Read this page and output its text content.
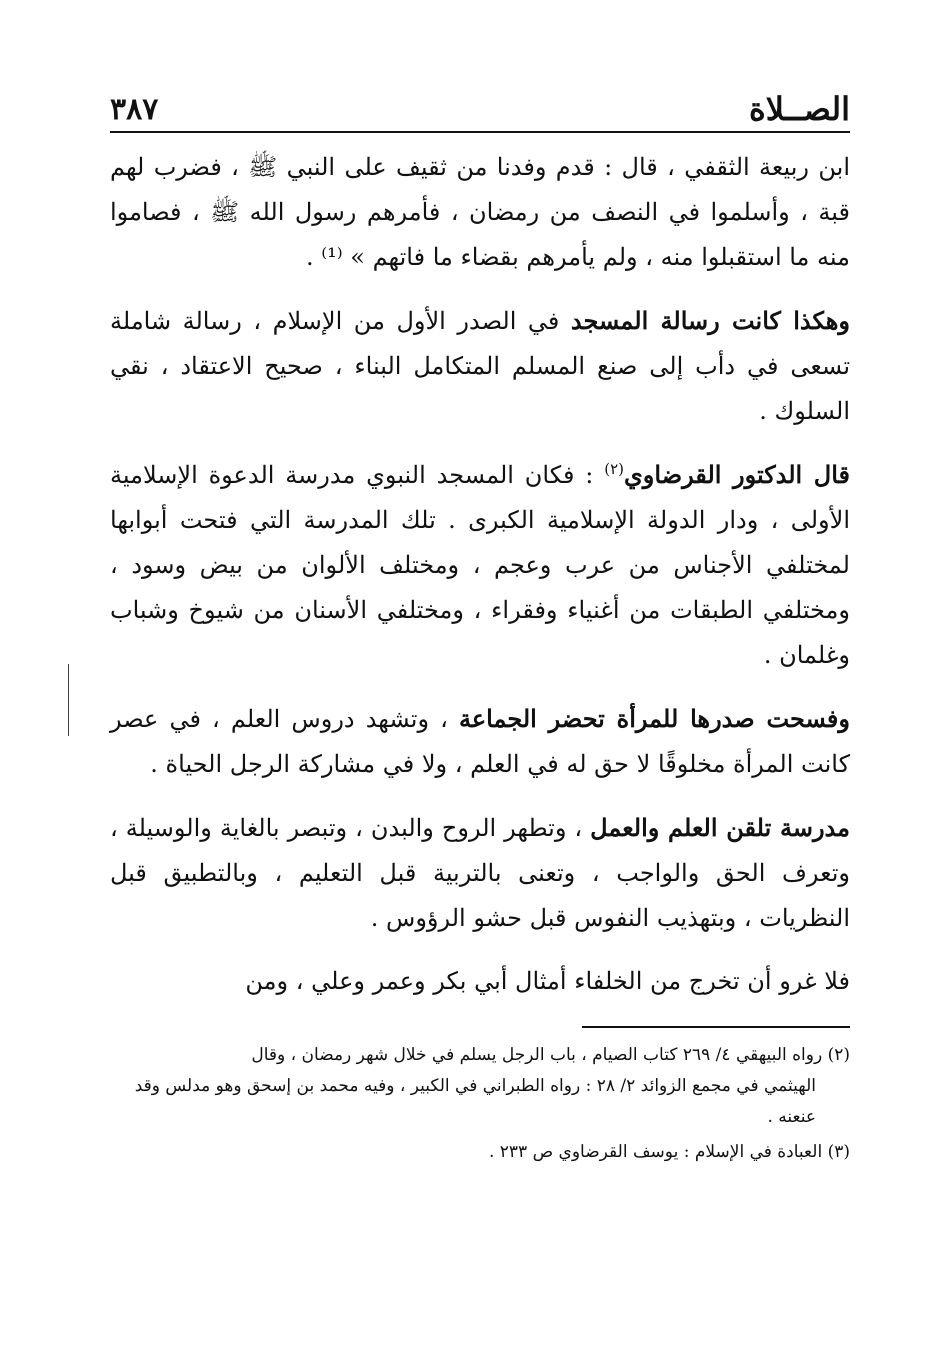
الصــلاة
٣٨٧

ابن ربيعة الثقفي ، قال : قدم وفدنا من ثقيف على النبي ﷺ ، فضرب لهم قبة ، وأسلموا في النصف من رمضان ، فأمرهم رسول الله ﷺ ، فصاموا منه ما استقبلوا منه ، ولم يأمرهم بقضاء ما فاتهم » ⁽¹⁾ .

وهكذا كانت رسالة المسجد في الصدر الأول من الإسلام ، رسالة شاملة تسعى في دأب إلى صنع المسلم المتكامل البناء ، صحيح الاعتقاد ، نقي السلوك .

قال الدكتور القرضاوي$^{(٢)}$ : فكان المسجد النبوي مدرسة الدعوة الإسلامية الأولى ، ودار الدولة الإسلامية الكبرى . تلك المدرسة التي فتحت أبوابها لمختلفي الأجناس من عرب وعجم ، ومختلف الألوان من بيض وسود ، ومختلفي الطبقات من أغنياء وفقراء ، ومختلفي الأسنان من شيوخ وشباب وغلمان .

وفسحت صدرها للمرأة تحضر الجماعة ، وتشهد دروس العلم ، في عصر كانت المرأة مخلوقًا لا حق له في العلم ، ولا في مشاركة الرجل الحياة .

مدرسة تلقن العلم والعمل ، وتطهر الروح والبدن ، وتبصر بالغاية والوسيلة ، وتعرف الحق والواجب ، وتعنى بالتربية قبل التعليم ، وبالتطبيق قبل النظريات ، وبتهذيب النفوس قبل حشو الرؤوس .

فلا غرو أن تخرج من الخلفاء أمثال أبي بكر وعمر وعلي ، ومن

(٢) رواه البيهقي ٤/ ٢٦٩ كتاب الصيام ، باب الرجل يسلم في خلال شهر رمضان ، وقال
الهيثمي في مجمع الزوائد ٢/ ٢٨ : رواه الطبراني في الكبير ، وفيه محمد بن إسحق وهو مدلس وقد عنعنه .
(٣) العبادة في الإسلام : يوسف القرضاوي ص ٢٣٣ .
